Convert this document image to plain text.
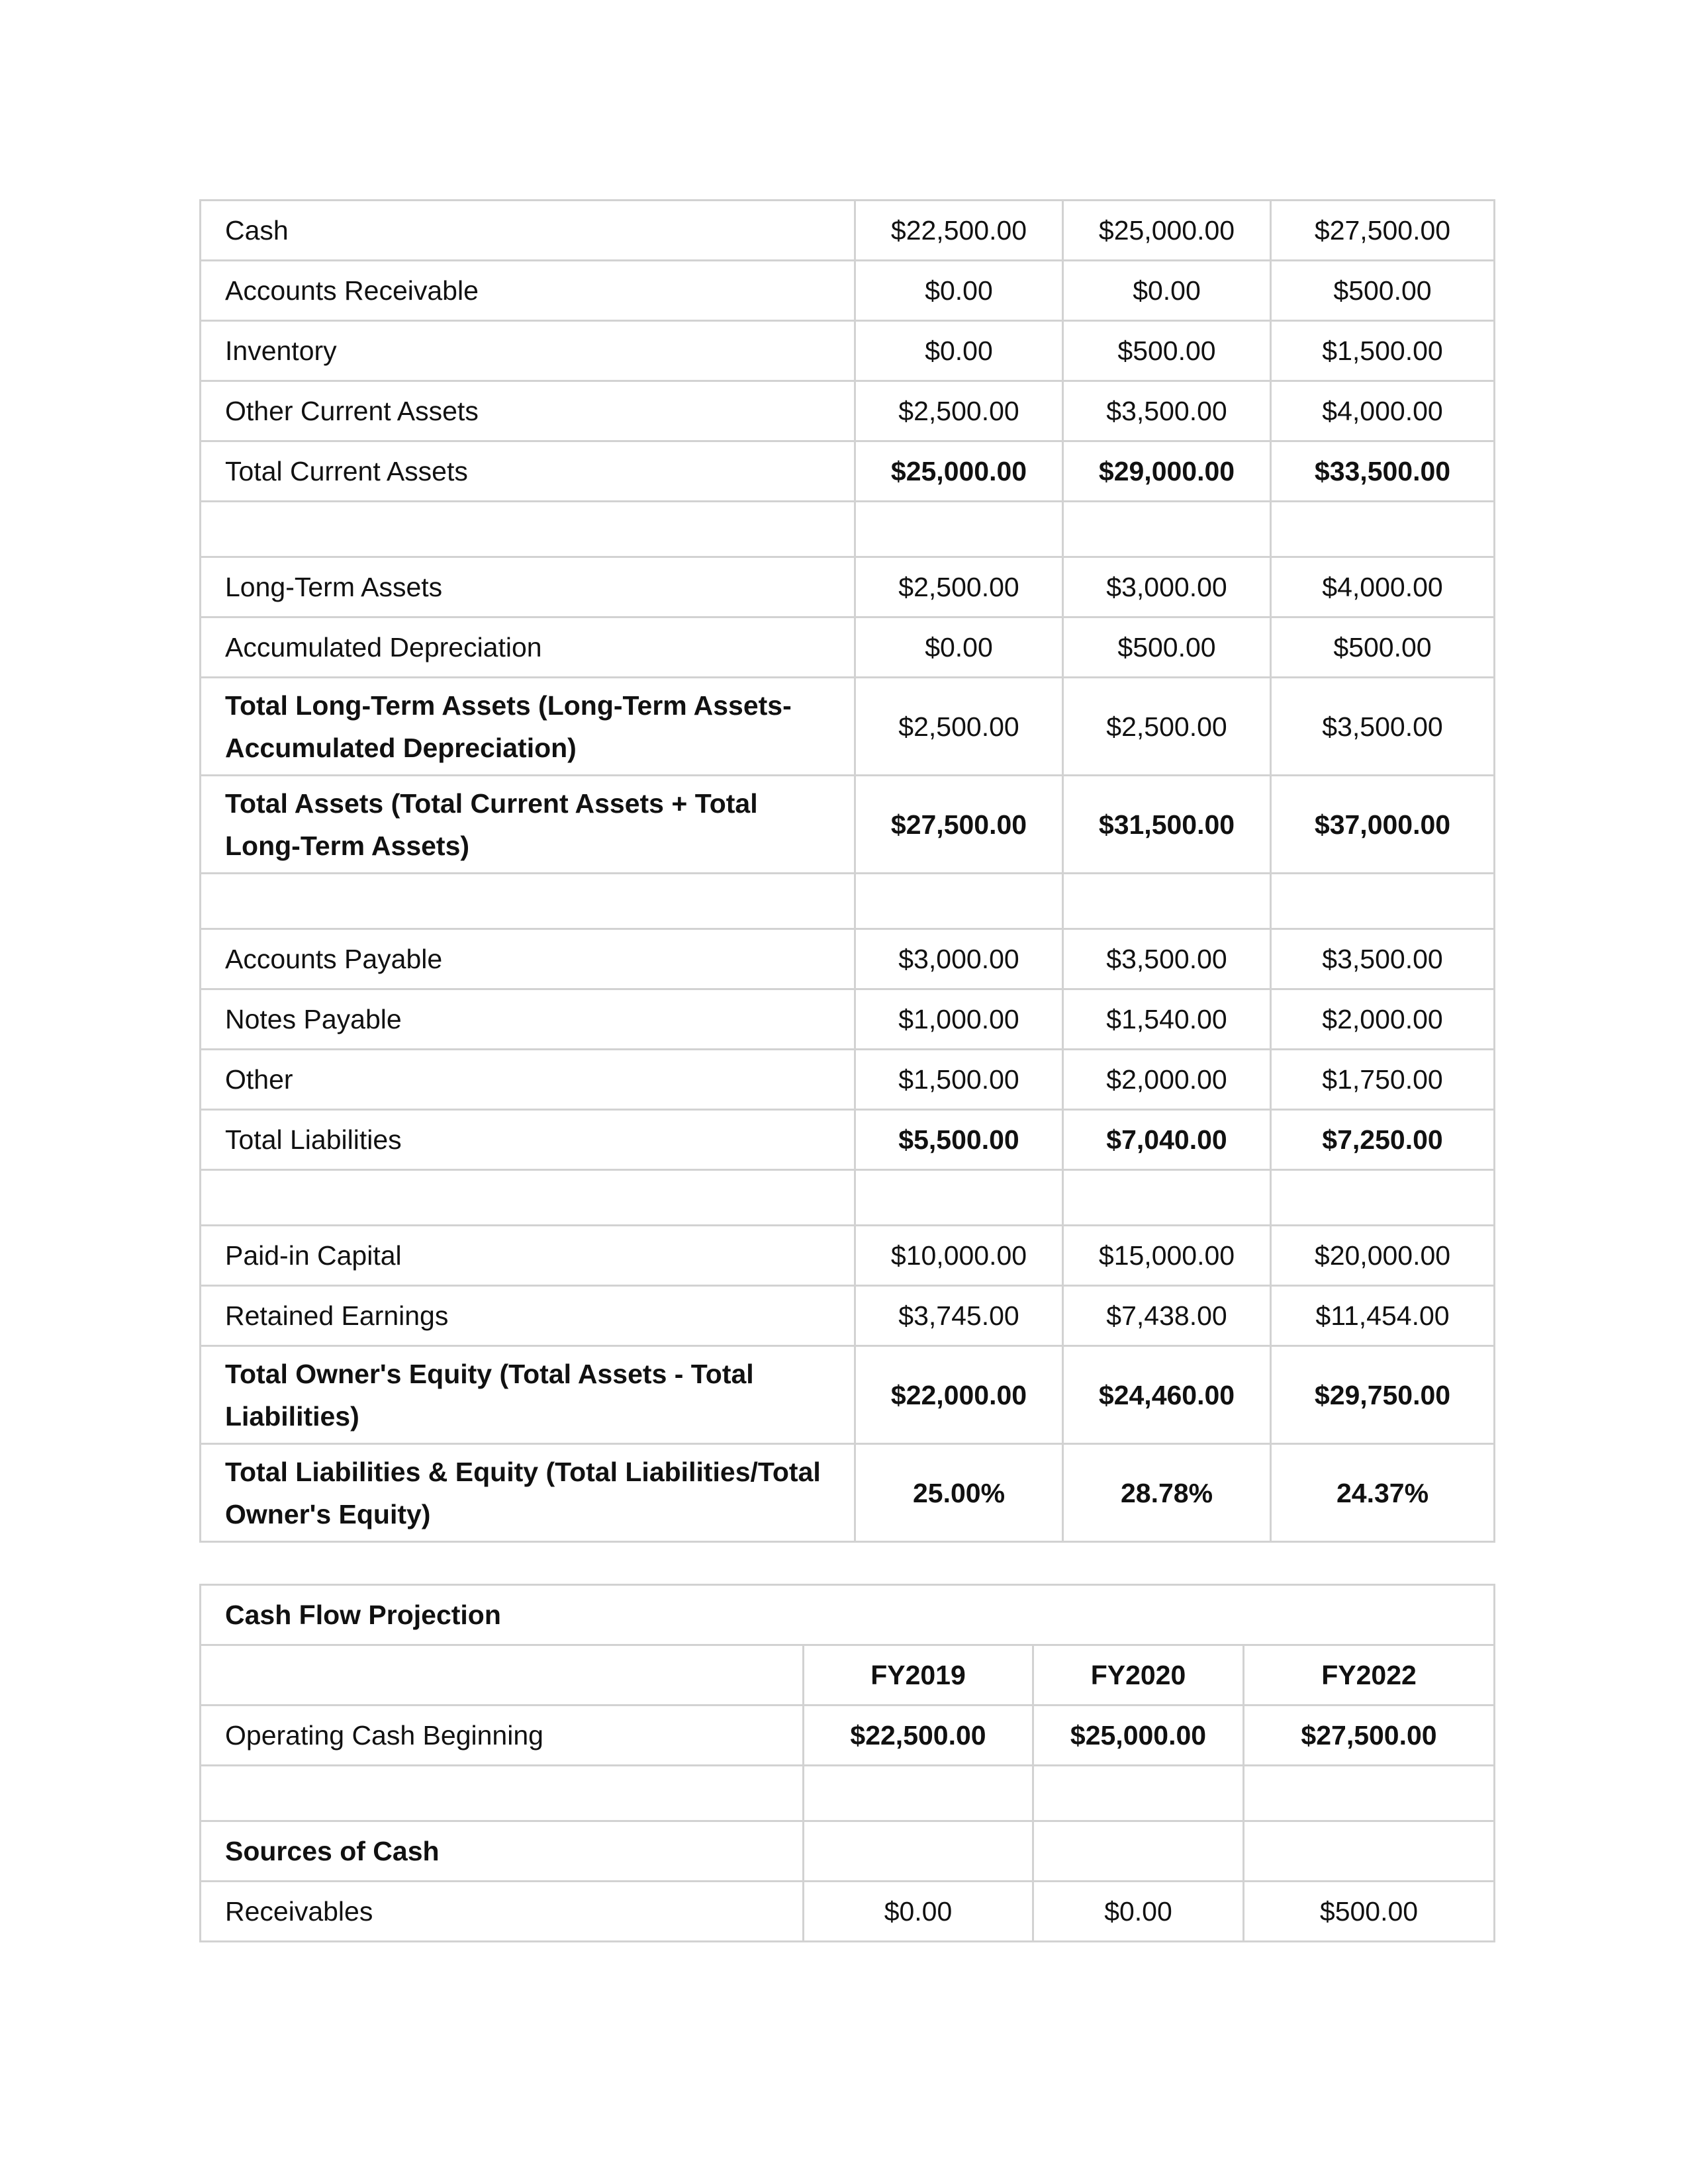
Cash	$22,500.00	$25,000.00	$27,500.00
Accounts Receivable	$0.00	$0.00	$500.00
Inventory	$0.00	$500.00	$1,500.00
Other Current Assets	$2,500.00	$3,500.00	$4,000.00
Total Current Assets	$25,000.00	$29,000.00	$33,500.00

Long-Term Assets	$2,500.00	$3,000.00	$4,000.00
Accumulated Depreciation	$0.00	$500.00	$500.00
Total Long-Term Assets (Long-Term Assets-Accumulated Depreciation)	$2,500.00	$2,500.00	$3,500.00
Total Assets (Total Current Assets + Total Long-Term Assets)	$27,500.00	$31,500.00	$37,000.00

Accounts Payable	$3,000.00	$3,500.00	$3,500.00
Notes Payable	$1,000.00	$1,540.00	$2,000.00
Other	$1,500.00	$2,000.00	$1,750.00
Total Liabilities	$5,500.00	$7,040.00	$7,250.00

Paid-in Capital	$10,000.00	$15,000.00	$20,000.00
Retained Earnings	$3,745.00	$7,438.00	$11,454.00
Total Owner's Equity (Total Assets - Total Liabilities)	$22,000.00	$24,460.00	$29,750.00
Total Liabilities & Equity (Total Liabilities/Total Owner's Equity)	25.00%	28.78%	24.37%
Cash Flow Projection			
	FY2019	FY2020	FY2022
Operating Cash Beginning	$22,500.00	$25,000.00	$27,500.00

Sources of Cash			
Receivables	$0.00	$0.00	$500.00
